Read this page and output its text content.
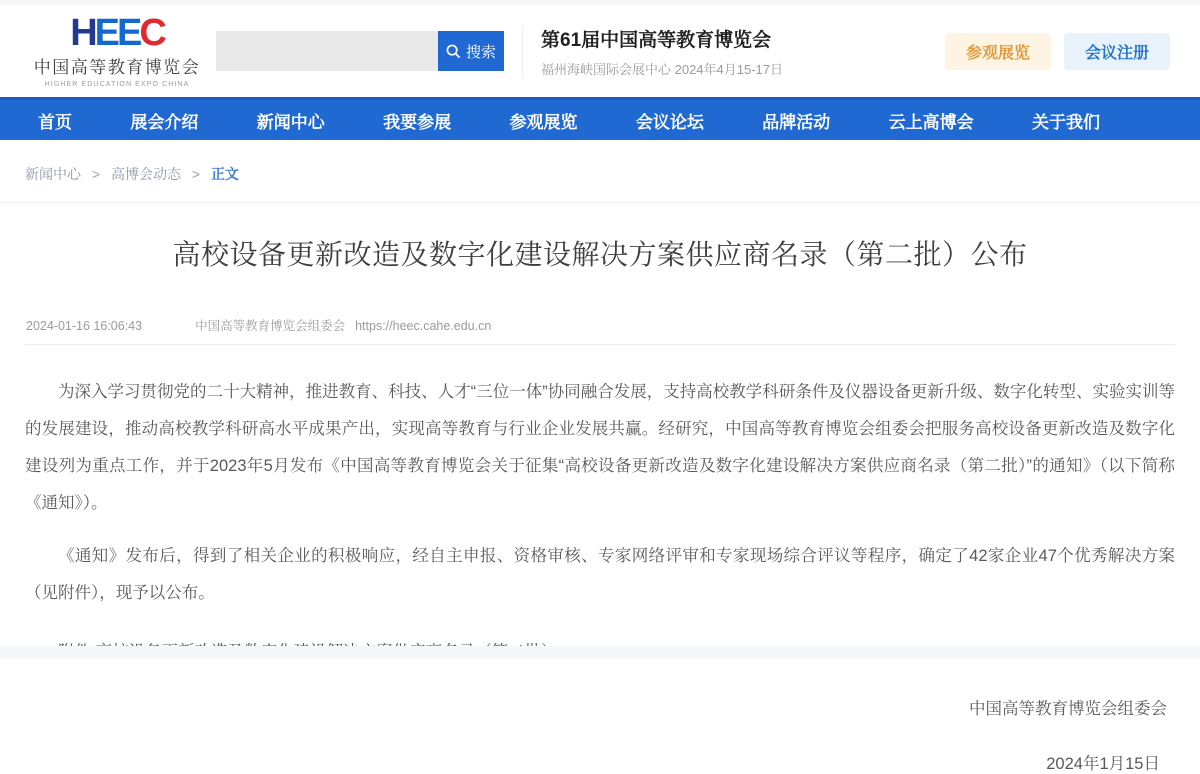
HEEC
中国高等教育博览会
HIGHER EDUCATION EXPO CHINA
搜索
第61届中国高等教育博览会
福州海峡国际会展中心 2024年4月15-17日
参观展览	会议注册
首页	展会介绍	新闻中心	我要参展	参观展览	会议论坛	品牌活动	云上高博会	关于我们
新闻中心 > 高博会动态 > 正文
高校设备更新改造及数字化建设解决方案供应商名录（第二批）公布
2024-01-16 16:06:43	中国高等教育博览会组委会 https://heec.cahe.edu.cn

为深入学习贯彻党的二十大精神，推进教育、科技、人才“三位一体”协同融合发展，支持高校教学科研条件及仪器设备更新升级、数字化转型、实验实训等的发展建设，推动高校教学科研高水平成果产出，实现高等教育与行业企业发展共赢。经研究，中国高等教育博览会组委会把服务高校设备更新改造及数字化建设列为重点工作，并于2023年5月发布《中国高等教育博览会关于征集“高校设备更新改造及数字化建设解决方案供应商名录（第二批）”的通知》（以下简称《通知》）。

《通知》发布后，得到了相关企业的积极响应，经自主申报、资格审核、专家网络评审和专家现场综合评议等程序，确定了42家企业47个优秀解决方案（见附件），现予以公布。

中国高等教育博览会组委会
2024年1月15日
